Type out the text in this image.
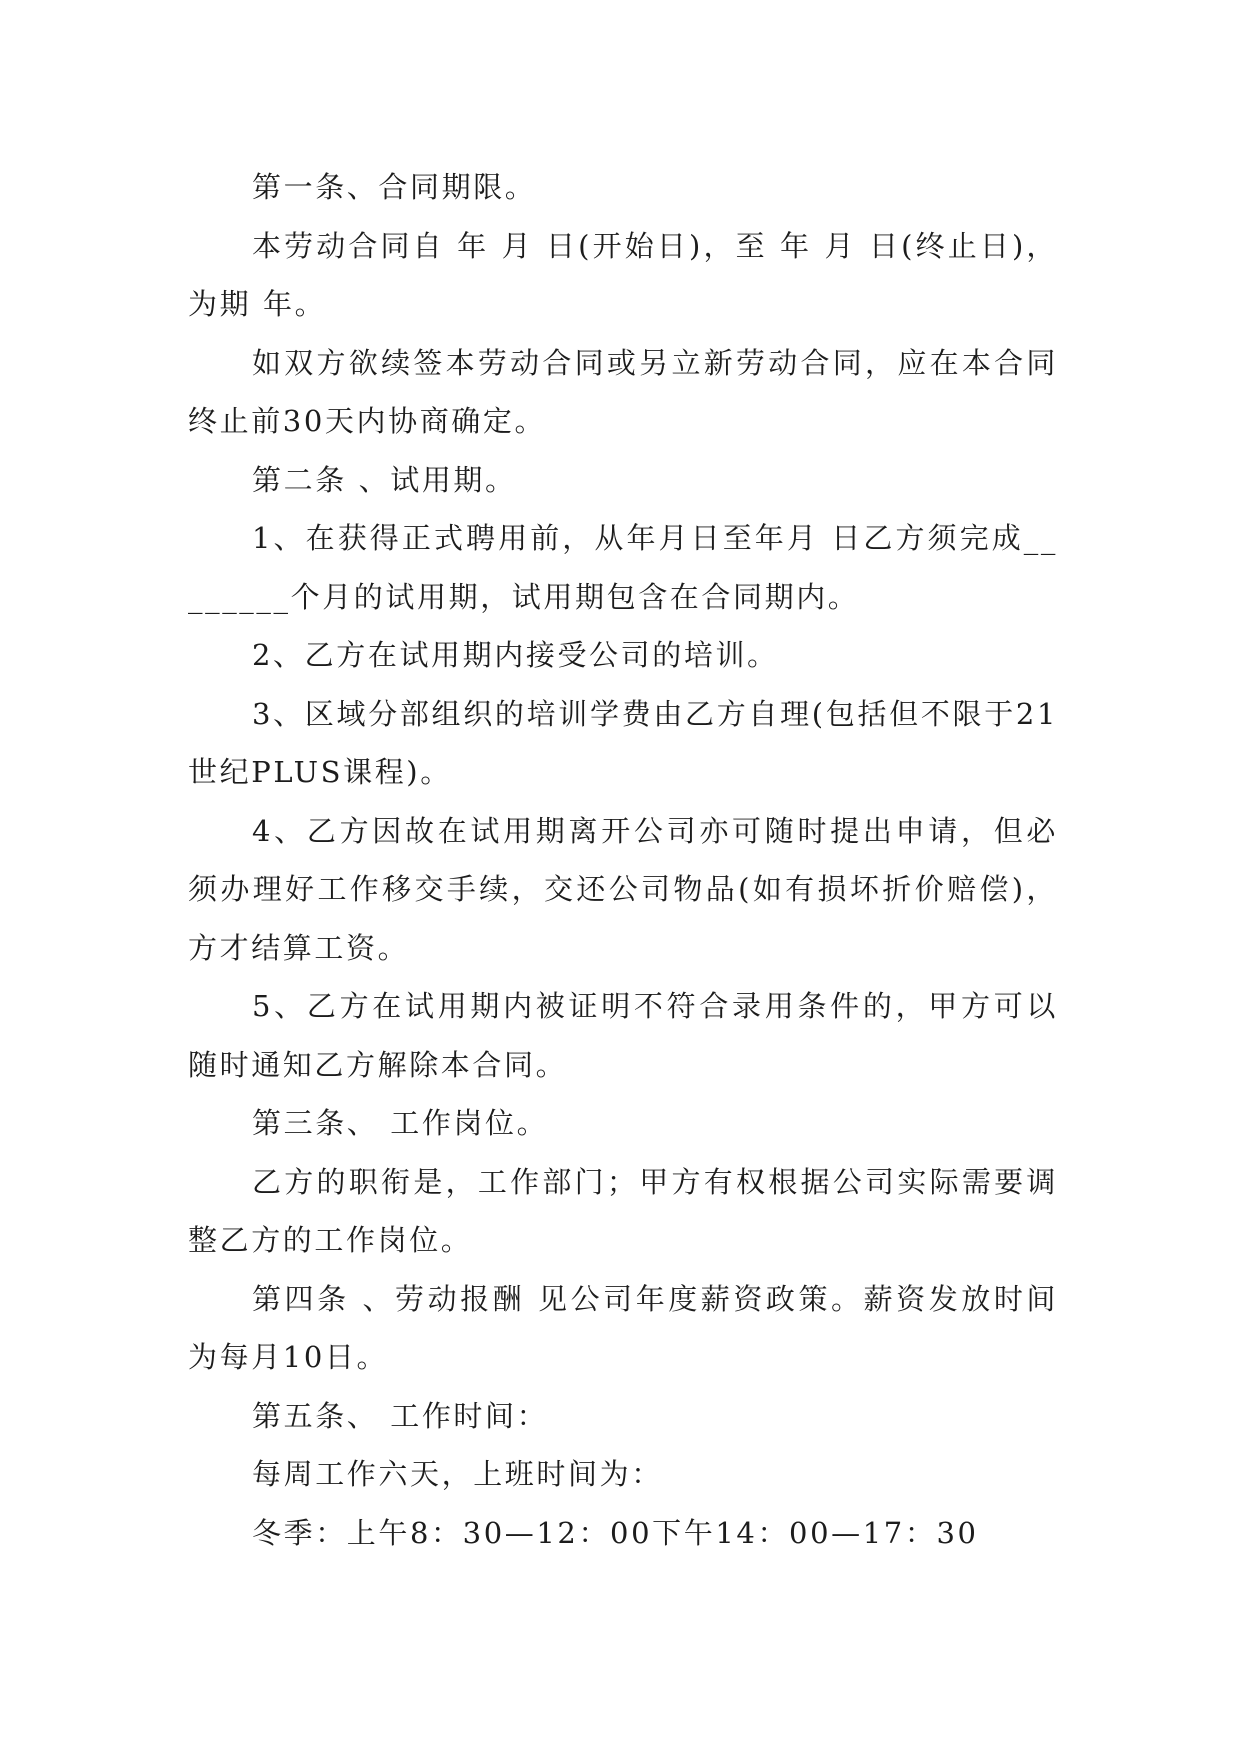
第一条、合同期限。

本劳动合同自 年 月 日(开始日)，至 年 月 日(终止日)，为期 年。

如双方欲续签本劳动合同或另立新劳动合同，应在本合同终止前30天内协商确定。

第二条 、试用期。

1、在获得正式聘用前，从年月日至年月 日乙方须完成________个月的试用期，试用期包含在合同期内。

2、乙方在试用期内接受公司的培训。

3、区域分部组织的培训学费由乙方自理(包括但不限于21世纪PLUS课程)。

4、乙方因故在试用期离开公司亦可随时提出申请，但必须办理好工作移交手续，交还公司物品(如有损坏折价赔偿)，方才结算工资。

5、乙方在试用期内被证明不符合录用条件的，甲方可以随时通知乙方解除本合同。

第三条、 工作岗位。

乙方的职衔是，工作部门；甲方有权根据公司实际需要调整乙方的工作岗位。

第四条 、劳动报酬 见公司年度薪资政策。薪资发放时间为每月10日。

第五条、 工作时间：

每周工作六天，上班时间为：

冬季：上午8：30—12：00下午14：00—17：30
